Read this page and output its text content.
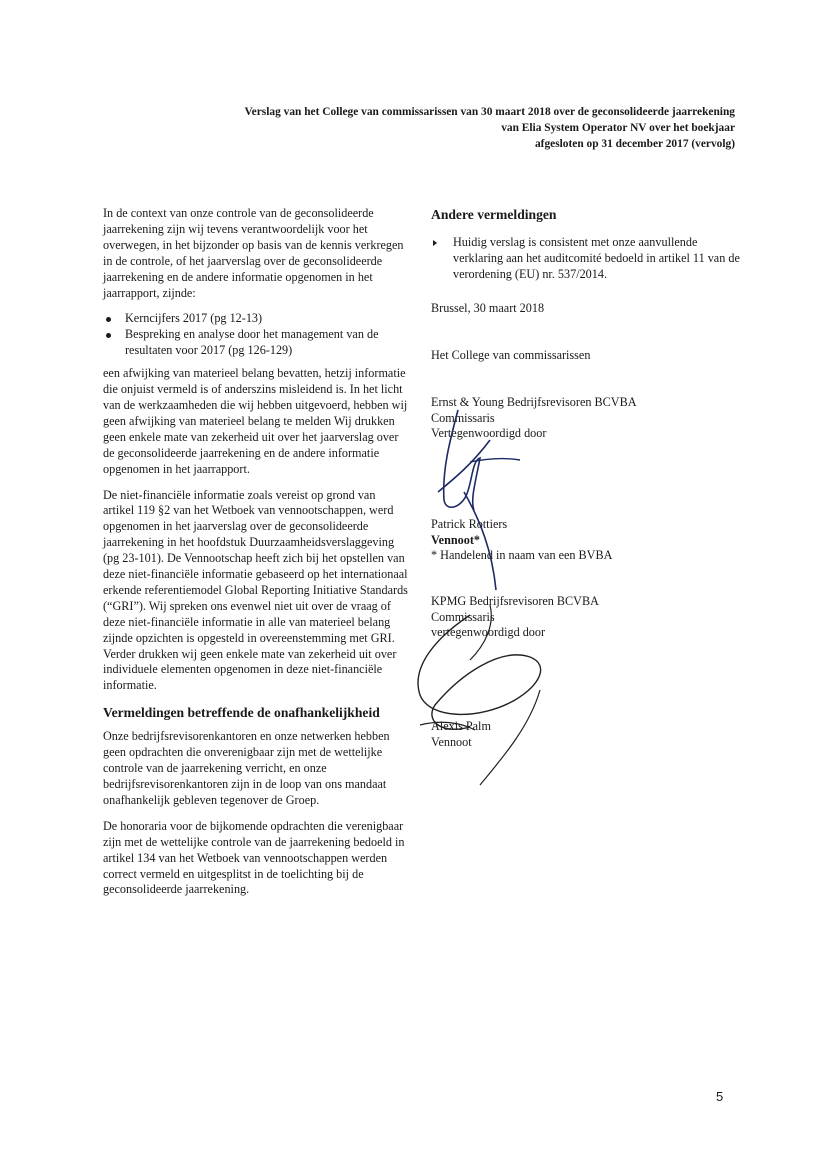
Verslag van het College van commissarissen van 30 maart 2018 over de geconsolideerde jaarrekening
van Elia System Operator NV over het boekjaar
afgesloten op 31 december 2017 (vervolg)

In de context van onze controle van de geconsolideerde jaarrekening zijn wij tevens verantwoordelijk voor het overwegen, in het bijzonder op basis van de kennis verkregen in de controle, of het jaarverslag over de geconsolideerde jaarrekening en de andere informatie opgenomen in het jaarrapport, zijnde:

Kerncijfers 2017 (pg 12-13)
Bespreking en analyse door het management van de resultaten voor 2017 (pg 126-129)

een afwijking van materieel belang bevatten, hetzij informatie die onjuist vermeld is of anderszins misleidend is. In het licht van de werkzaamheden die wij hebben uitgevoerd, hebben wij geen afwijking van materieel belang te melden Wij drukken geen enkele mate van zekerheid uit over het jaarverslag over de geconsolideerde jaarrekening en de andere informatie opgenomen in het jaarrapport.

De niet-financiële informatie zoals vereist op grond van artikel 119 §2 van het Wetboek van vennootschappen, werd opgenomen in het jaarverslag over de geconsolideerde jaarrekening in het hoofdstuk Duurzaamheidsverslaggeving (pg 23-101). De Vennootschap heeft zich bij het opstellen van deze niet-financiële informatie gebaseerd op het internationaal erkende referentiemodel Global Reporting Initiative Standards (“GRI”). Wij spreken ons evenwel niet uit over de vraag of deze niet-financiële informatie in alle van materieel belang zijnde opzichten is opgesteld in overeenstemming met GRI. Verder drukken wij geen enkele mate van zekerheid uit over individuele elementen opgenomen in deze niet-financiële informatie.

Vermeldingen betreffende de onafhankelijkheid

Onze bedrijfsrevisorenkantoren en onze netwerken hebben geen opdrachten die onverenigbaar zijn met de wettelijke controle van de jaarrekening verricht, en onze bedrijfsrevisorenkantoren zijn in de loop van ons mandaat onafhankelijk gebleven tegenover de Groep.

De honoraria voor de bijkomende opdrachten die verenigbaar zijn met de wettelijke controle van de jaarrekening bedoeld in artikel 134 van het Wetboek van vennootschappen werden correct vermeld en uitgesplitst in de toelichting bij de geconsolideerde jaarrekening.

Andere vermeldingen

Huidig verslag is consistent met onze aanvullende verklaring aan het auditcomité bedoeld in artikel 11 van de verordening (EU) nr. 537/2014.

Brussel, 30 maart 2018
Het College van commissarissen
Ernst & Young Bedrijfsrevisoren BCVBA
Commissaris
Vertegenwoordigd door
Patrick Rottiers
Vennoot*
* Handelend in naam van een BVBA
KPMG Bedrijfsrevisoren BCVBA
Commissaris
vertegenwoordigd door
Alexis Palm
Vennoot
5
